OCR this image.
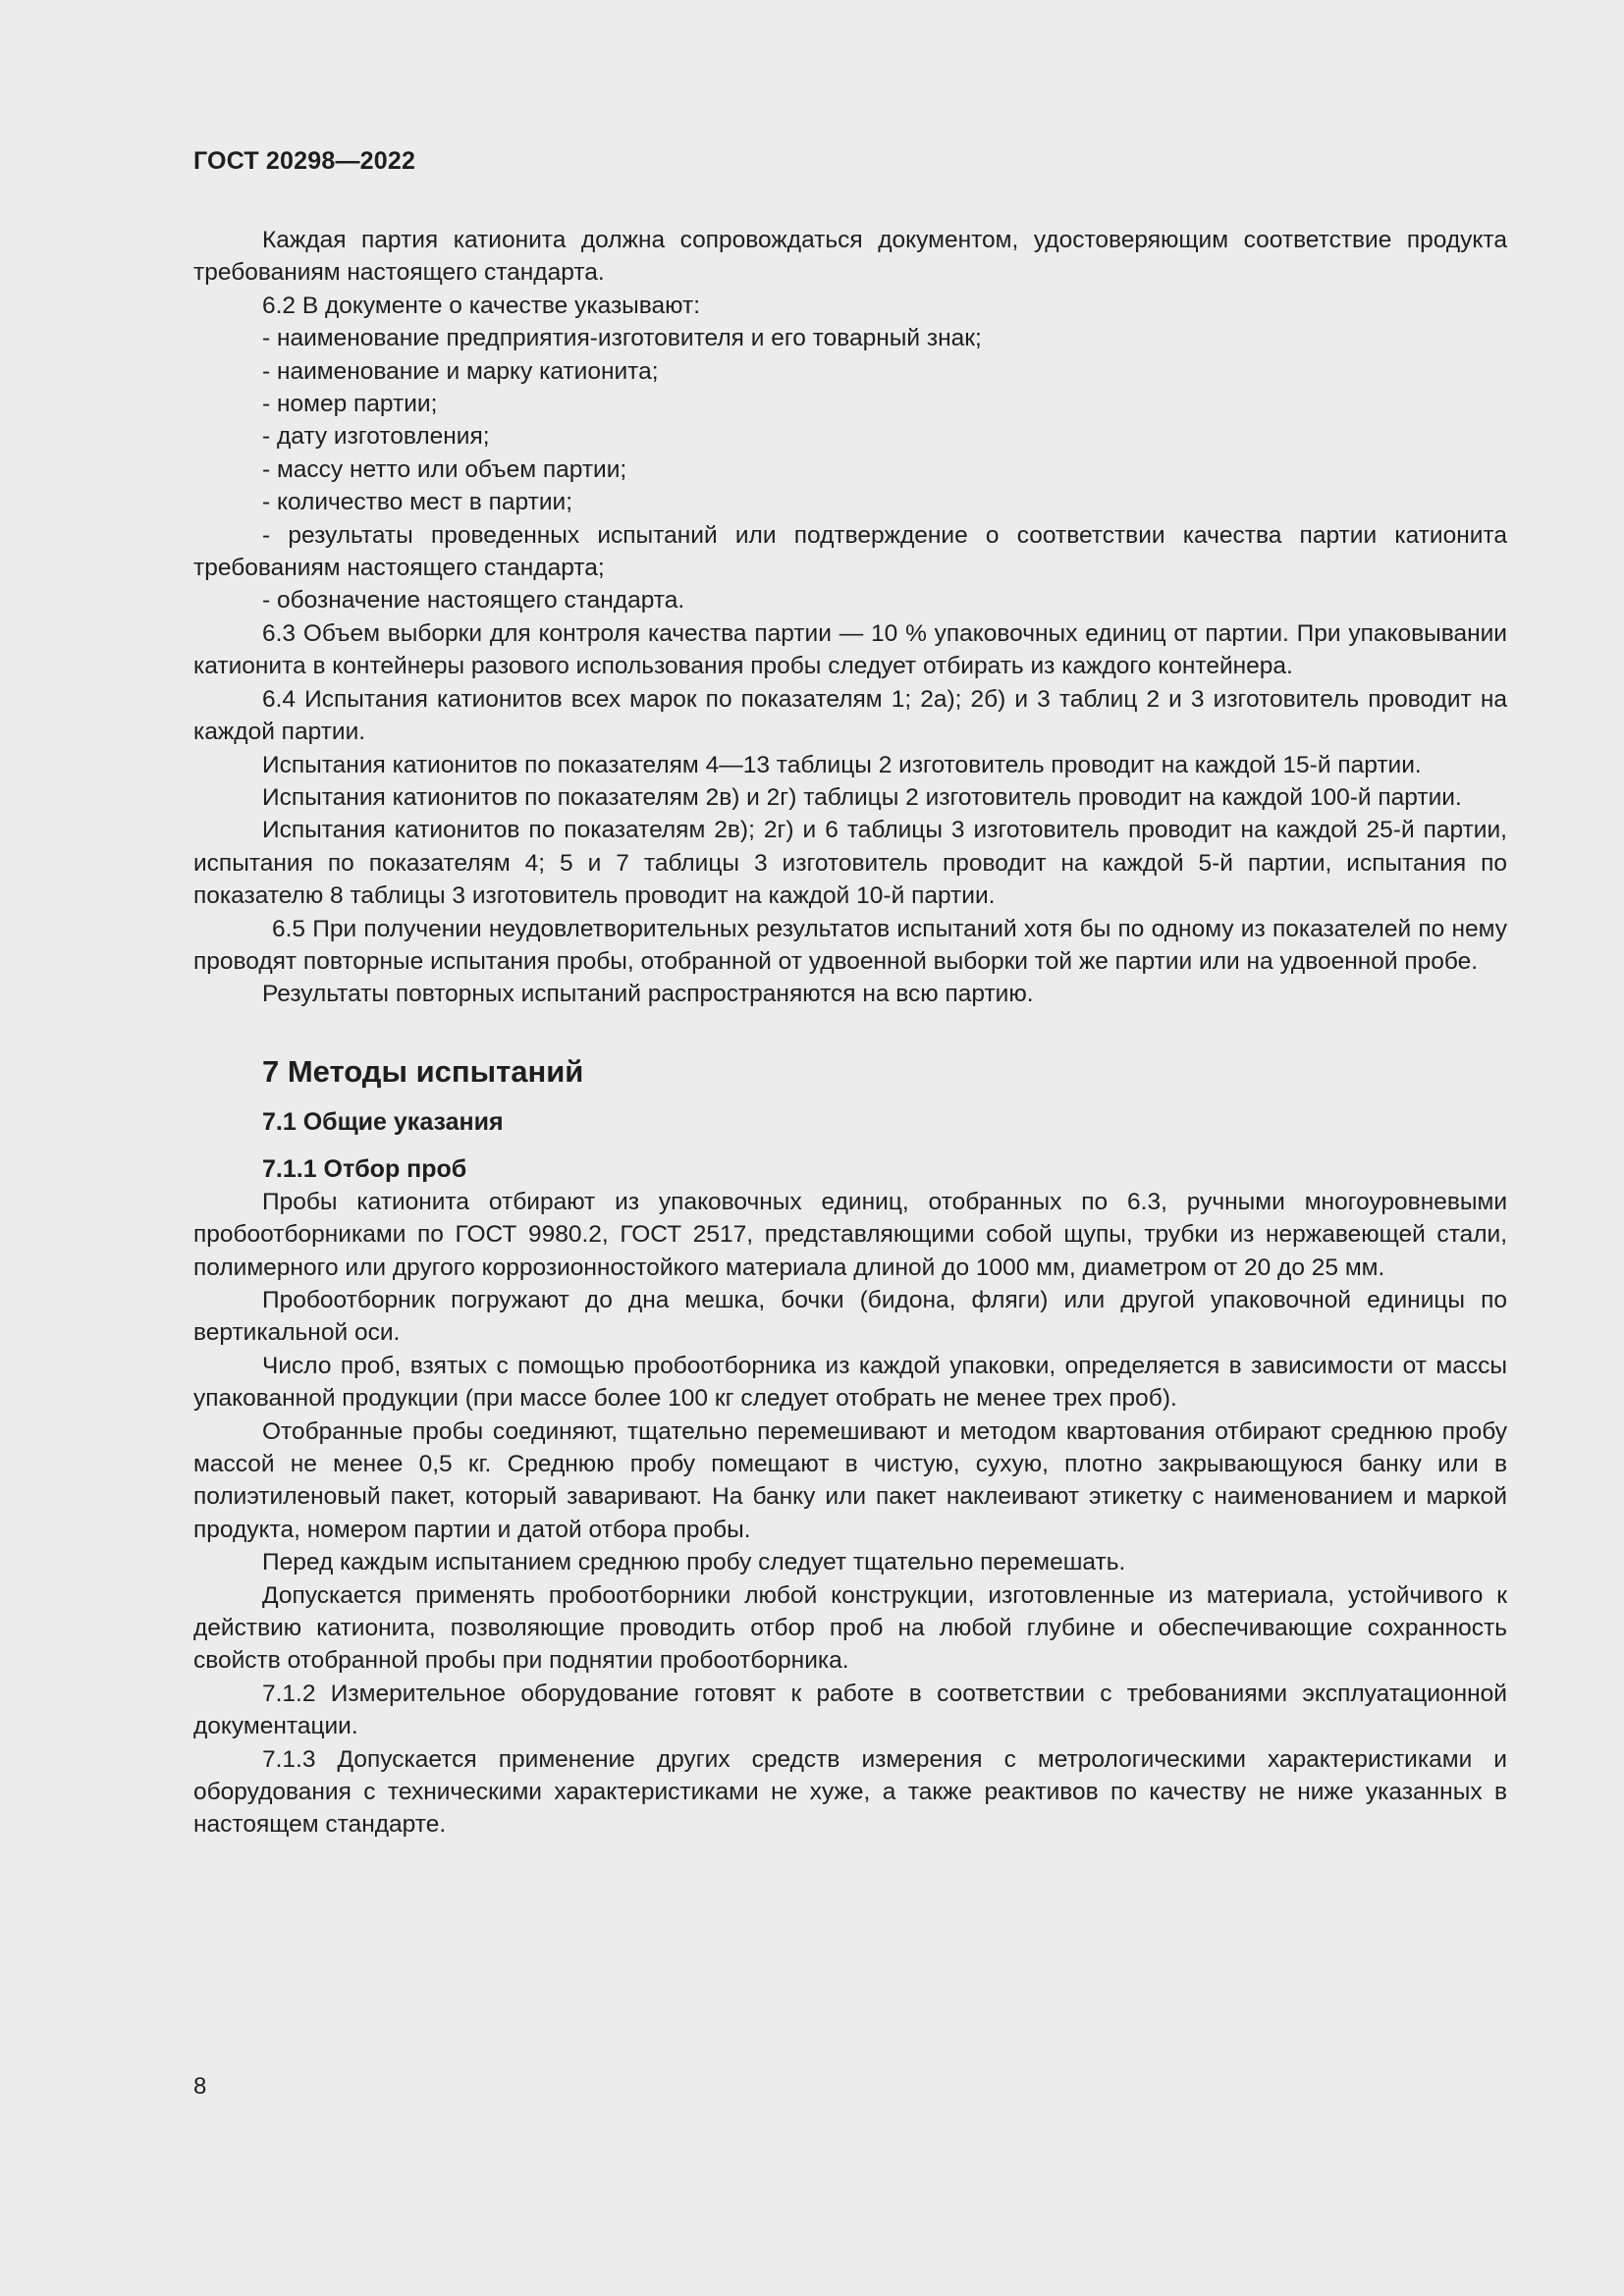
ГОСТ 20298—2022

Каждая партия катионита должна сопровождаться документом, удостоверяющим соответствие продукта требованиям настоящего стандарта.

6.2 В документе о качестве указывают:

- наименование предприятия-изготовителя и его товарный знак;

- наименование и марку катионита;

- номер партии;

- дату изготовления;

- массу нетто или объем партии;

- количество мест в партии;

- результаты проведенных испытаний или подтверждение о соответствии качества партии катионита требованиям настоящего стандарта;

- обозначение настоящего стандарта.

6.3 Объем выборки для контроля качества партии — 10 % упаковочных единиц от партии. При упаковывании катионита в контейнеры разового использования пробы следует отбирать из каждого контейнера.

6.4 Испытания катионитов всех марок по показателям 1; 2а); 2б) и 3 таблиц 2 и 3 изготовитель проводит на каждой партии.

Испытания катионитов по показателям 4—13 таблицы 2 изготовитель проводит на каждой 15-й партии.

Испытания катионитов по показателям 2в) и 2г) таблицы 2 изготовитель проводит на каждой 100-й партии.

Испытания катионитов по показателям 2в); 2г) и 6 таблицы 3 изготовитель проводит на каждой 25-й партии, испытания по показателям 4; 5 и 7 таблицы 3 изготовитель проводит на каждой 5-й партии, испытания по показателю 8 таблицы 3 изготовитель проводит на каждой 10-й партии.

6.5 При получении неудовлетворительных результатов испытаний хотя бы по одному из показателей по нему проводят повторные испытания пробы, отобранной от удвоенной выборки той же партии или на удвоенной пробе.

Результаты повторных испытаний распространяются на всю партию.

7 Методы испытаний

7.1 Общие указания

7.1.1 Отбор проб

Пробы катионита отбирают из упаковочных единиц, отобранных по 6.3, ручными многоуровневыми пробоотборниками по ГОСТ 9980.2, ГОСТ 2517, представляющими собой щупы, трубки из нержавеющей стали, полимерного или другого коррозионностойкого материала длиной до 1000 мм, диаметром от 20 до 25 мм.

Пробоотборник погружают до дна мешка, бочки (бидона, фляги) или другой упаковочной единицы по вертикальной оси.

Число проб, взятых с помощью пробоотборника из каждой упаковки, определяется в зависимости от массы упакованной продукции (при массе более 100 кг следует отобрать не менее трех проб).

Отобранные пробы соединяют, тщательно перемешивают и методом квартования отбирают среднюю пробу массой не менее 0,5 кг. Среднюю пробу помещают в чистую, сухую, плотно закрывающуюся банку или в полиэтиленовый пакет, который заваривают. На банку или пакет наклеивают этикетку с наименованием и маркой продукта, номером партии и датой отбора пробы.

Перед каждым испытанием среднюю пробу следует тщательно перемешать.

Допускается применять пробоотборники любой конструкции, изготовленные из материала, устойчивого к действию катионита, позволяющие проводить отбор проб на любой глубине и обеспечивающие сохранность свойств отобранной пробы при поднятии пробоотборника.

7.1.2 Измерительное оборудование готовят к работе в соответствии с требованиями эксплуатационной документации.

7.1.3 Допускается применение других средств измерения с метрологическими характеристиками и оборудования с техническими характеристиками не хуже, а также реактивов по качеству не ниже указанных в настоящем стандарте.

8
